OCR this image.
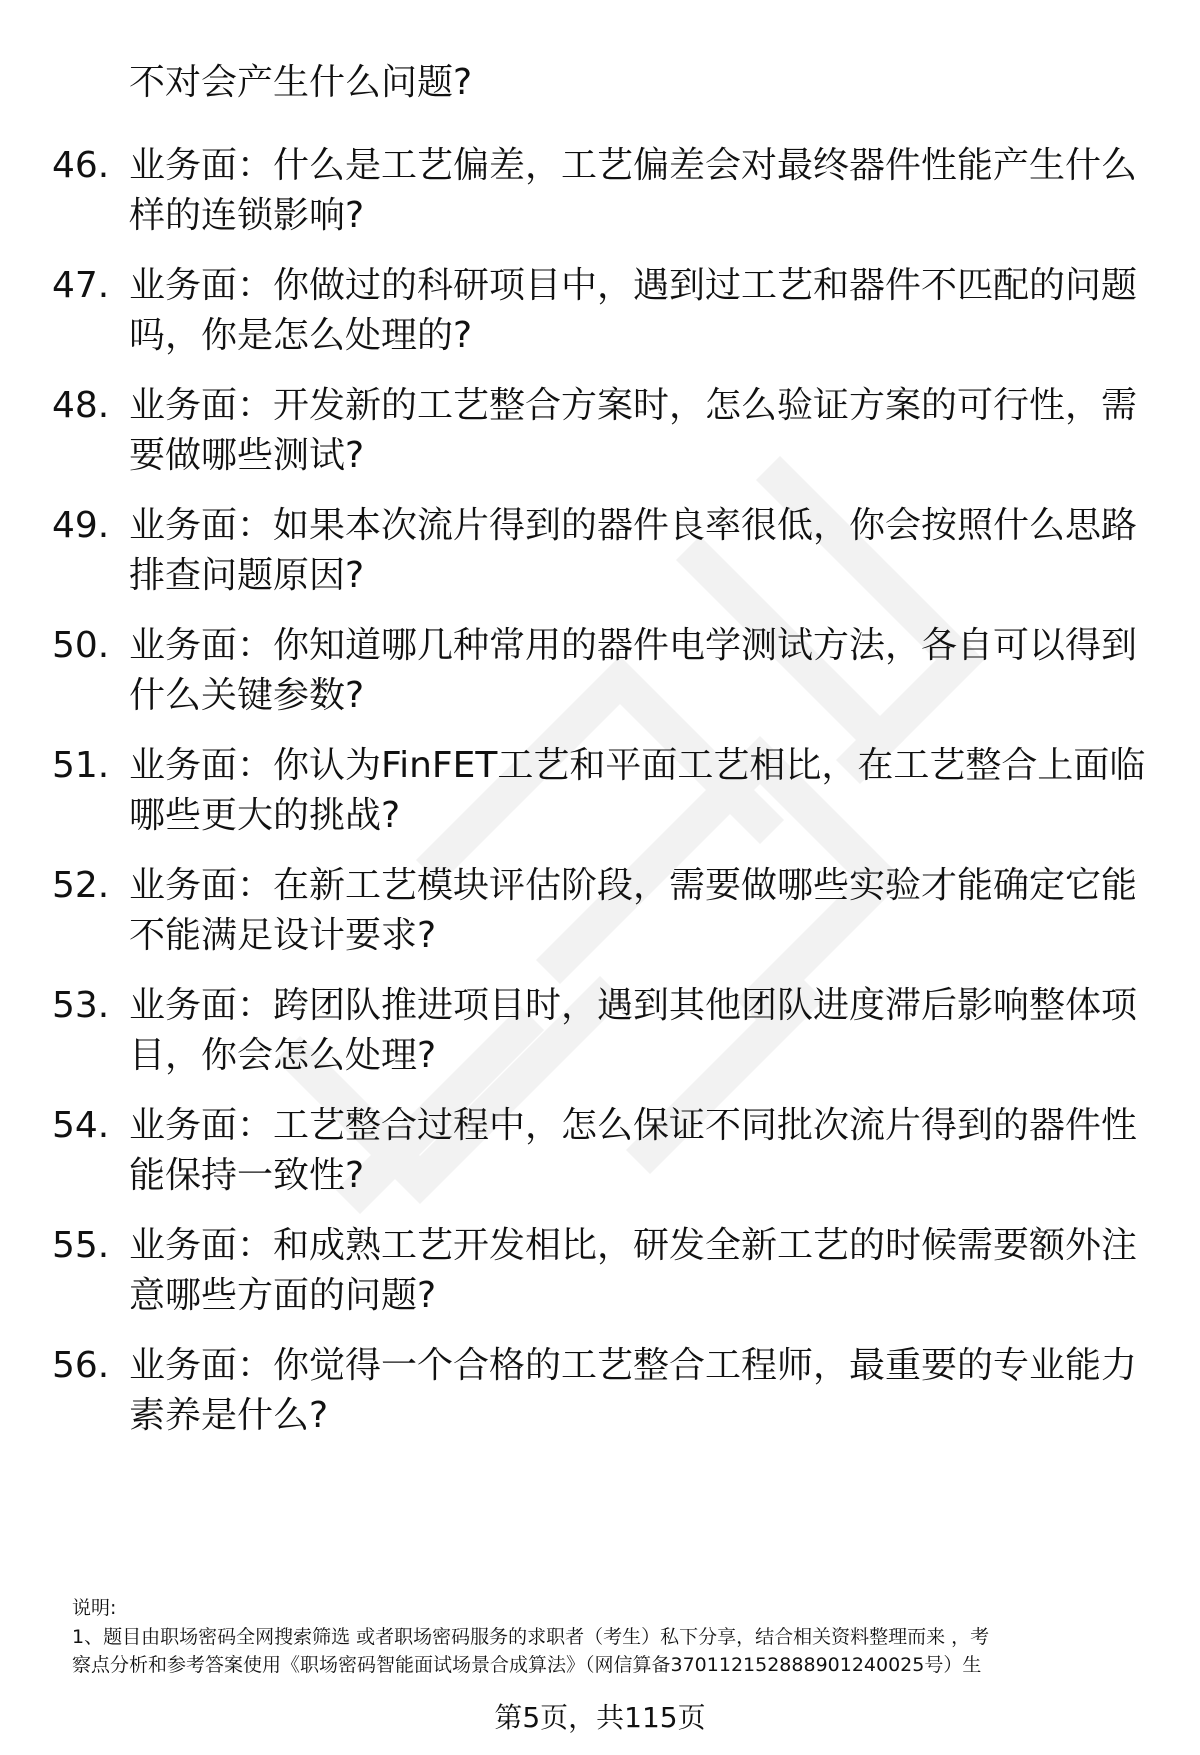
不对会产生什么问题?
46. 业务面：什么是工艺偏差，工艺偏差会对最终器件性能产生什么
样的连锁影响?
47. 业务面：你做过的科研项目中，遇到过工艺和器件不匹配的问题
吗，你是怎么处理的?
48. 业务面：开发新的工艺整合方案时，怎么验证方案的可行性，需
要做哪些测试?
49. 业务面：如果本次流片得到的器件良率很低，你会按照什么思路
排查问题原因?
50. 业务面：你知道哪几种常用的器件电学测试方法，各自可以得到
什么关键参数?
51. 业务面：你认为FinFET工艺和平面工艺相比，在工艺整合上面临
哪些更大的挑战?
52. 业务面：在新工艺模块评估阶段，需要做哪些实验才能确定它能
不能满足设计要求?
53. 业务面：跨团队推进项目时，遇到其他团队进度滞后影响整体项
目，你会怎么处理?
54. 业务面：工艺整合过程中，怎么保证不同批次流片得到的器件性
能保持一致性?
55. 业务面：和成熟工艺开发相比，研发全新工艺的时候需要额外注
意哪些方面的问题?
56. 业务面：你觉得一个合格的工艺整合工程师，最重要的专业能力
素养是什么?
说明:
1、题目由职场密码全网搜索筛选 或者职场密码服务的求职者（考生）私下分享，结合相关资料整理而来 ，考
察点分析和参考答案使用《职场密码智能面试场景合成算法》（网信算备370112152888901240025号）生
第5页，共115页
